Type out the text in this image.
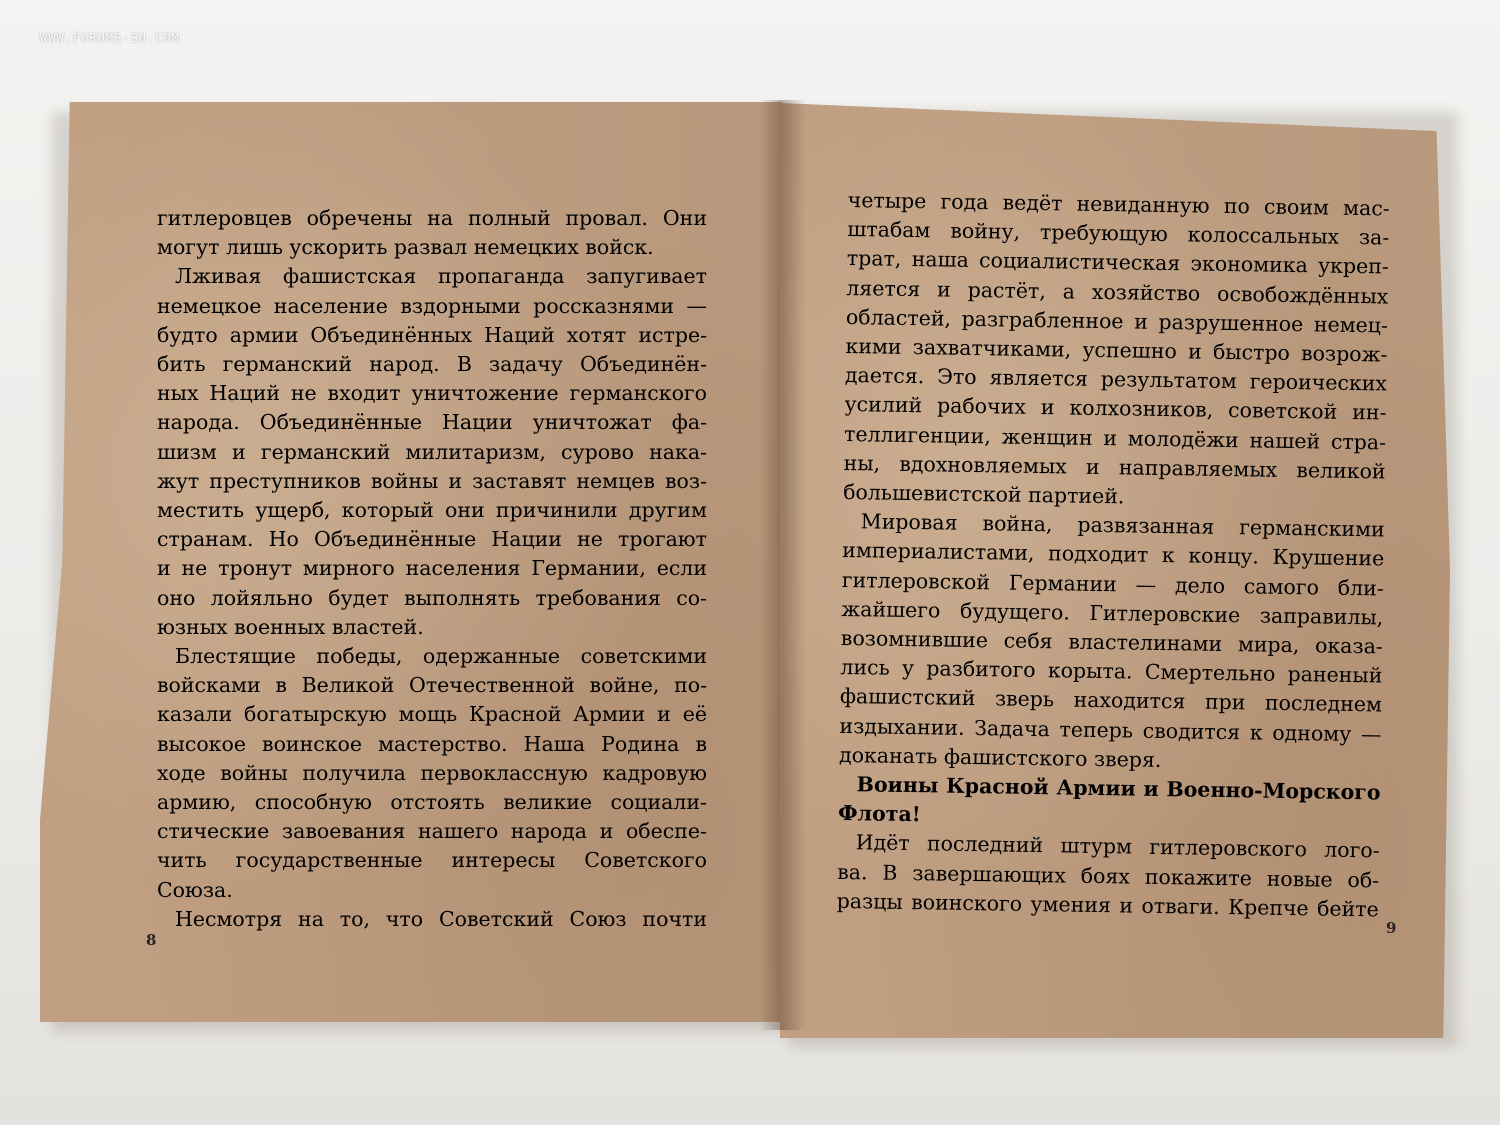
WWW.FORUMS-SU.COM
гитлеровцев обречены на полный провал. Они
могут лишь ускорить развал немецких войск.
Лживая фашистская пропаганда запугивает
немецкое население вздорными россказнями —
будто армии Объединённых Наций хотят истре-
бить германский народ. В задачу Объединён-
ных Наций не входит уничтожение германского
народа. Объединённые Нации уничтожат фа-
шизм и германский милитаризм, сурово нака-
жут преступников войны и заставят немцев воз-
местить ущерб, который они причинили другим
странам. Но Объединённые Нации не трогают
и не тронут мирного населения Германии, если
оно лойяльно будет выполнять требования со-
юзных военных властей.
Блестящие победы, одержанные советскими
войсками в Великой Отечественной войне, по-
казали богатырскую мощь Красной Армии и её
высокое воинское мастерство. Наша Родина в
ходе войны получила первоклассную кадровую
армию, способную отстоять великие социали-
стические завоевания нашего народа и обеспе-
чить государственные интересы Советского
Союза.
Несмотря на то, что Советский Союз почти
8
четыре года ведёт невиданную по своим мас-
штабам войну, требующую колоссальных за-
трат, наша социалистическая экономика укреп-
ляется и растёт, а хозяйство освобождённых
областей, разграбленное и разрушенное немец-
кими захватчиками, успешно и быстро возрож-
дается. Это является результатом героических
усилий рабочих и колхозников, советской ин-
теллигенции, женщин и молодёжи нашей стра-
ны, вдохновляемых и направляемых великой
большевистской партией.
Мировая война, развязанная германскими
империалистами, подходит к концу. Крушение
гитлеровской Германии — дело самого бли-
жайшего будущего. Гитлеровские заправилы,
возомнившие себя властелинами мира, оказа-
лись у разбитого корыта. Смертельно раненый
фашистский зверь находится при последнем
издыхании. Задача теперь сводится к одному —
доканать фашистского зверя.
Воины Красной Армии и Военно-Морского
Флота!
Идёт последний штурм гитлеровского лого-
ва. В завершающих боях покажите новые об-
разцы воинского умения и отваги. Крепче бейте
9
